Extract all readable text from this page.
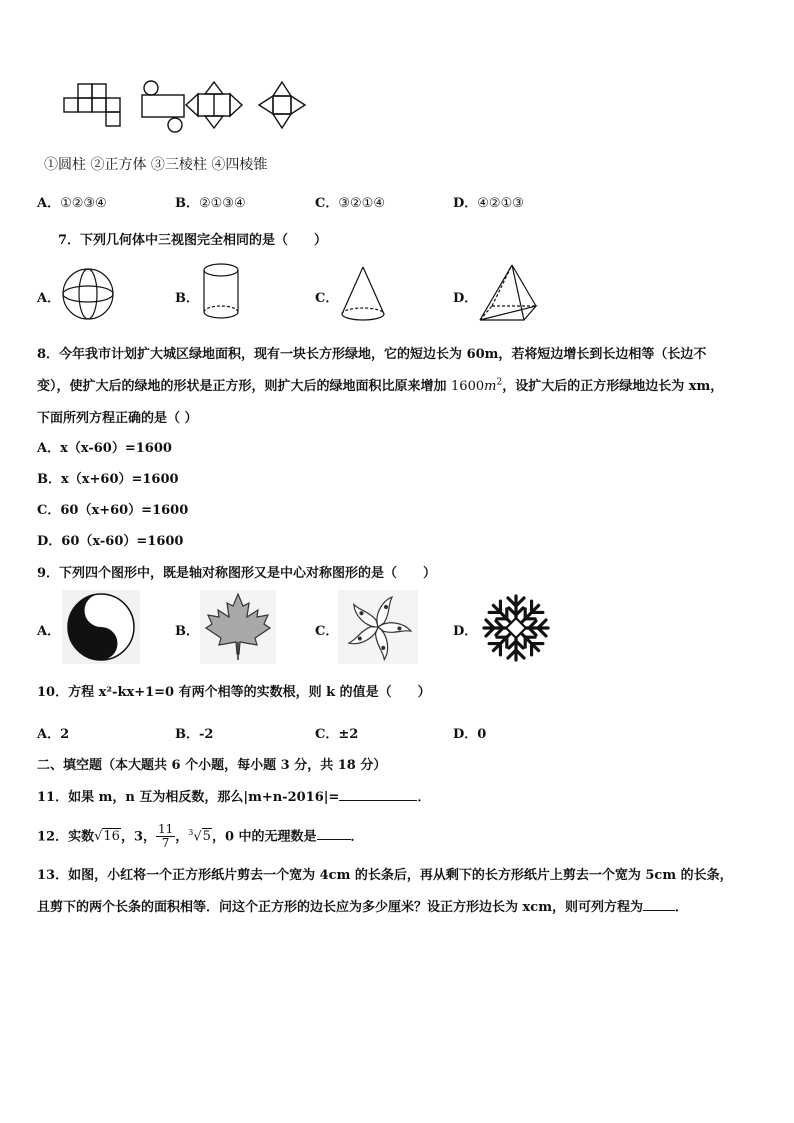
①圆柱 ②正方体 ③三棱柱 ④四棱锥
A．①②③④	B．②①③④	C．③②①④	D．④②①③
7．下列几何体中三视图完全相同的是（　　）
A．	B．	C．	D．
8．今年我市计划扩大城区绿地面积，现有一块长方形绿地，它的短边长为 60m，若将短边增长到长边相等（长边不
变），使扩大后的绿地的形状是正方形，则扩大后的绿地面积比原来增加 $1600m^2$，设扩大后的正方形绿地边长为 xm，
下面所列方程正确的是（ ）
A．x（x-60）=1600
B．x（x+60）=1600
C．60（x+60）=1600
D．60（x-60）=1600
9．下列四个图形中，既是轴对称图形又是中心对称图形的是（　　）
A．	B．	C．	D．
10．方程 x²-kx+1=0 有两个相等的实数根，则 k 的值是（　　）
A．2	B．-2	C．±2	D．0
二、填空题（本大题共 6 个小题，每小题 3 分，共 18 分）
11．如果 m，n 互为相反数，那么|m+n-2016|=	．
12．实数√16，3， $\frac{11}{7}$ ，$^3$√5，0 中的无理数是	．
13．如图，小红将一个正方形纸片剪去一个宽为 4cm 的长条后，再从剩下的长方形纸片上剪去一个宽为 5cm 的长条，
且剪下的两个长条的面积相等．问这个正方形的边长应为多少厘米？设正方形边长为 xcm，则可列方程为 ．
